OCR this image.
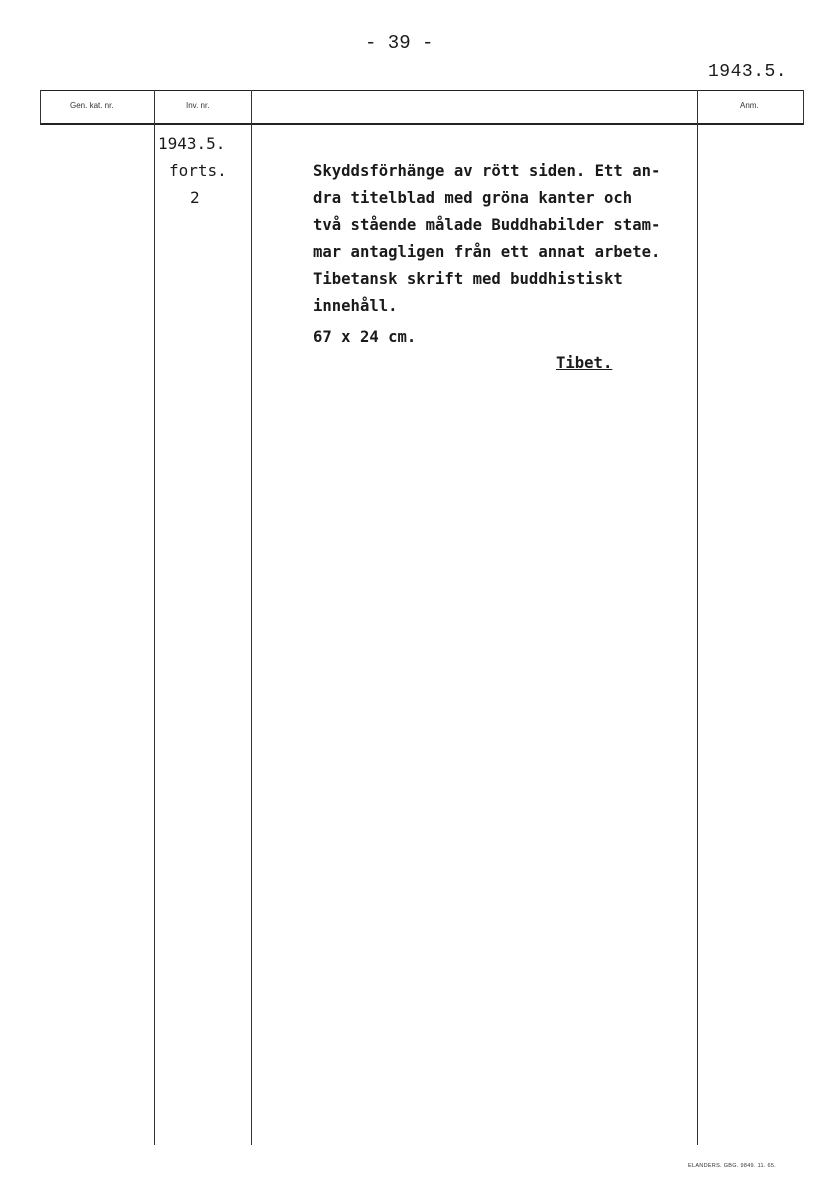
- 39 -
1943.5.
Gen. kat. nr.	Inv. nr.	Anm.
1943.5.
forts.
2
Skyddsförhänge av rött siden. Ett an-
dra titelblad med gröna kanter och
två stående målade Buddhabilder stam-
mar antagligen från ett annat arbete.
Tibetansk skrift med buddhistiskt
innehåll.
67 x 24 cm.
Tibet.
ELANDERS. GBG. 9849. 11. 65.
